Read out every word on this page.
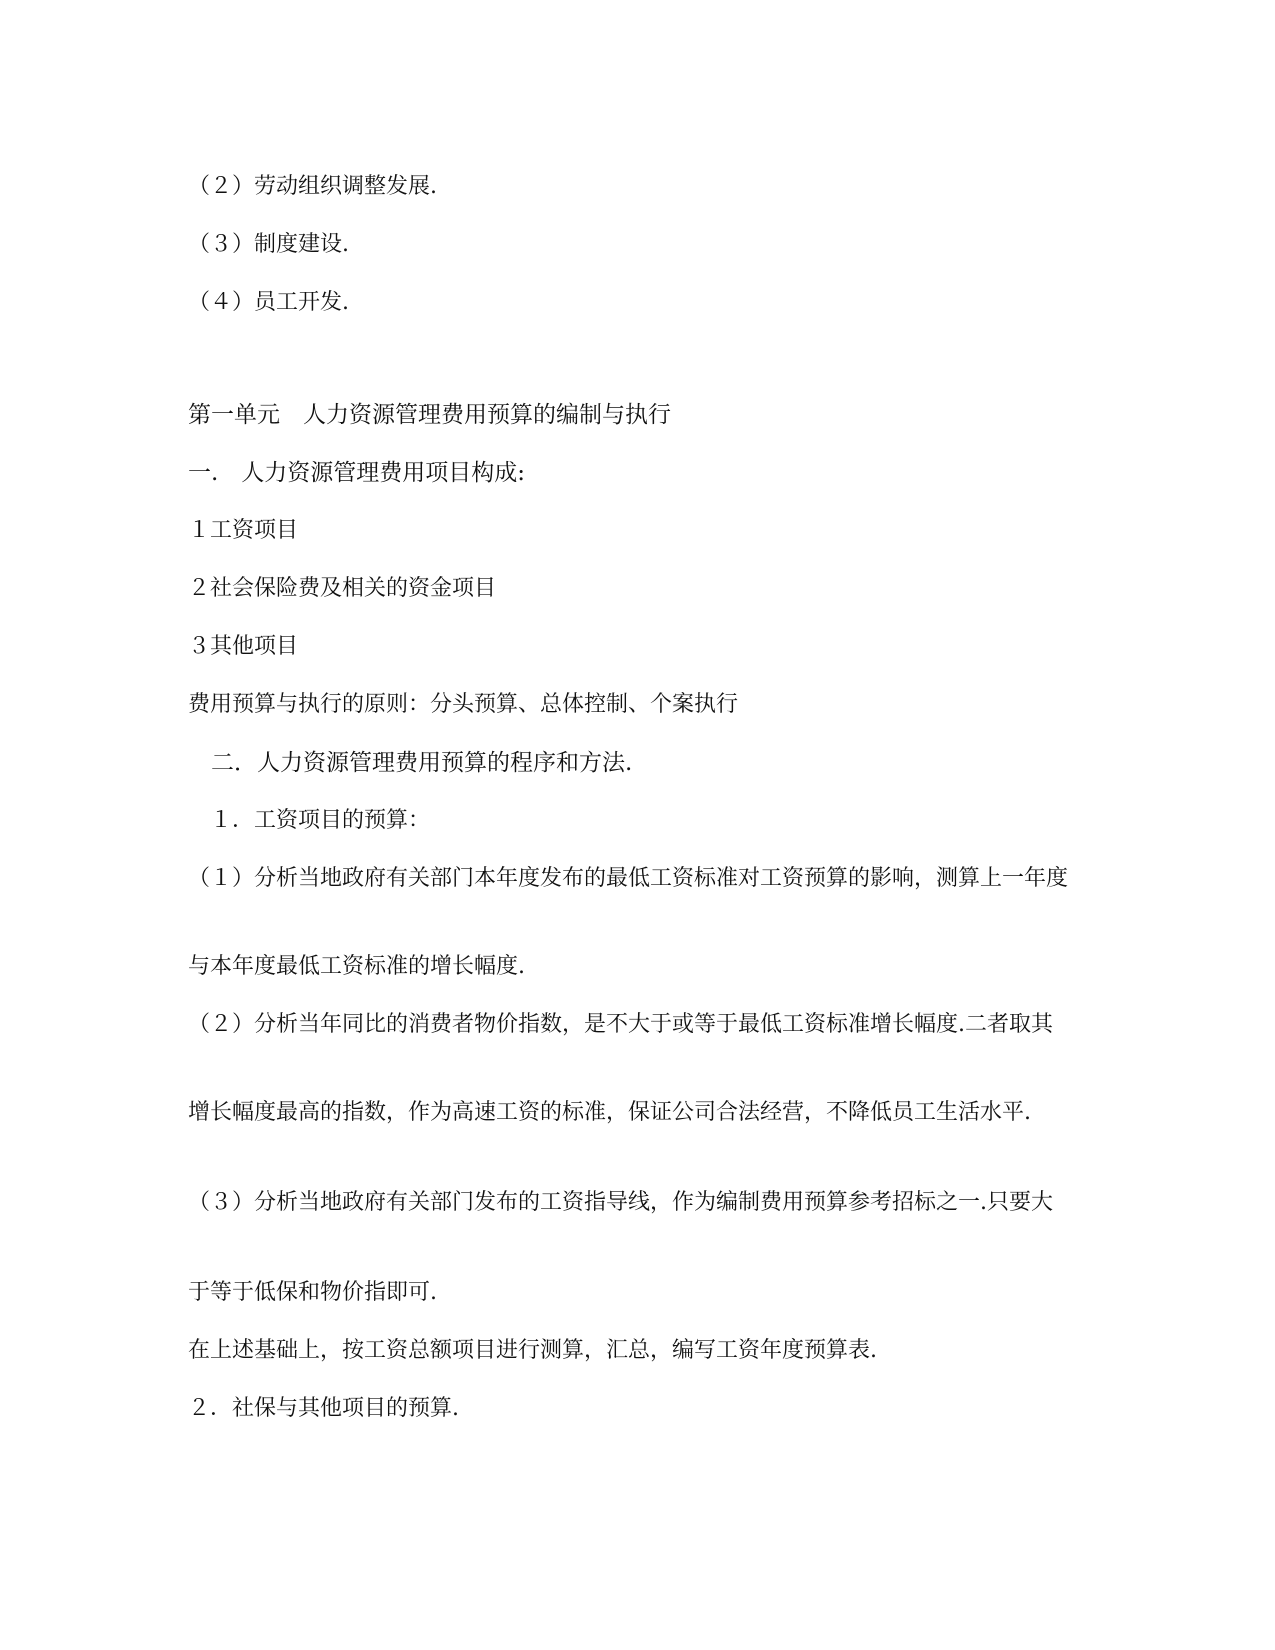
（２）劳动组织调整发展.

（３）制度建设.

（４）员工开发.

第一单元　人力资源管理费用预算的编制与执行

一.　人力资源管理费用项目构成:

１工资项目

２社会保险费及相关的资金项目

３其他项目

费用预算与执行的原则：分头预算、总体控制、个案执行

　二．人力资源管理费用预算的程序和方法.

　１．工资项目的预算：

（１）分析当地政府有关部门本年度发布的最低工资标准对工资预算的影响，测算上一年度

与本年度最低工资标准的增长幅度.

（２）分析当年同比的消费者物价指数，是不大于或等于最低工资标准增长幅度.二者取其

增长幅度最高的指数，作为高速工资的标准，保证公司合法经营，不降低员工生活水平.

（３）分析当地政府有关部门发布的工资指导线，作为编制费用预算参考招标之一.只要大

于等于低保和物价指即可.

在上述基础上，按工资总额项目进行测算，汇总，编写工资年度预算表.

２．社保与其他项目的预算.
